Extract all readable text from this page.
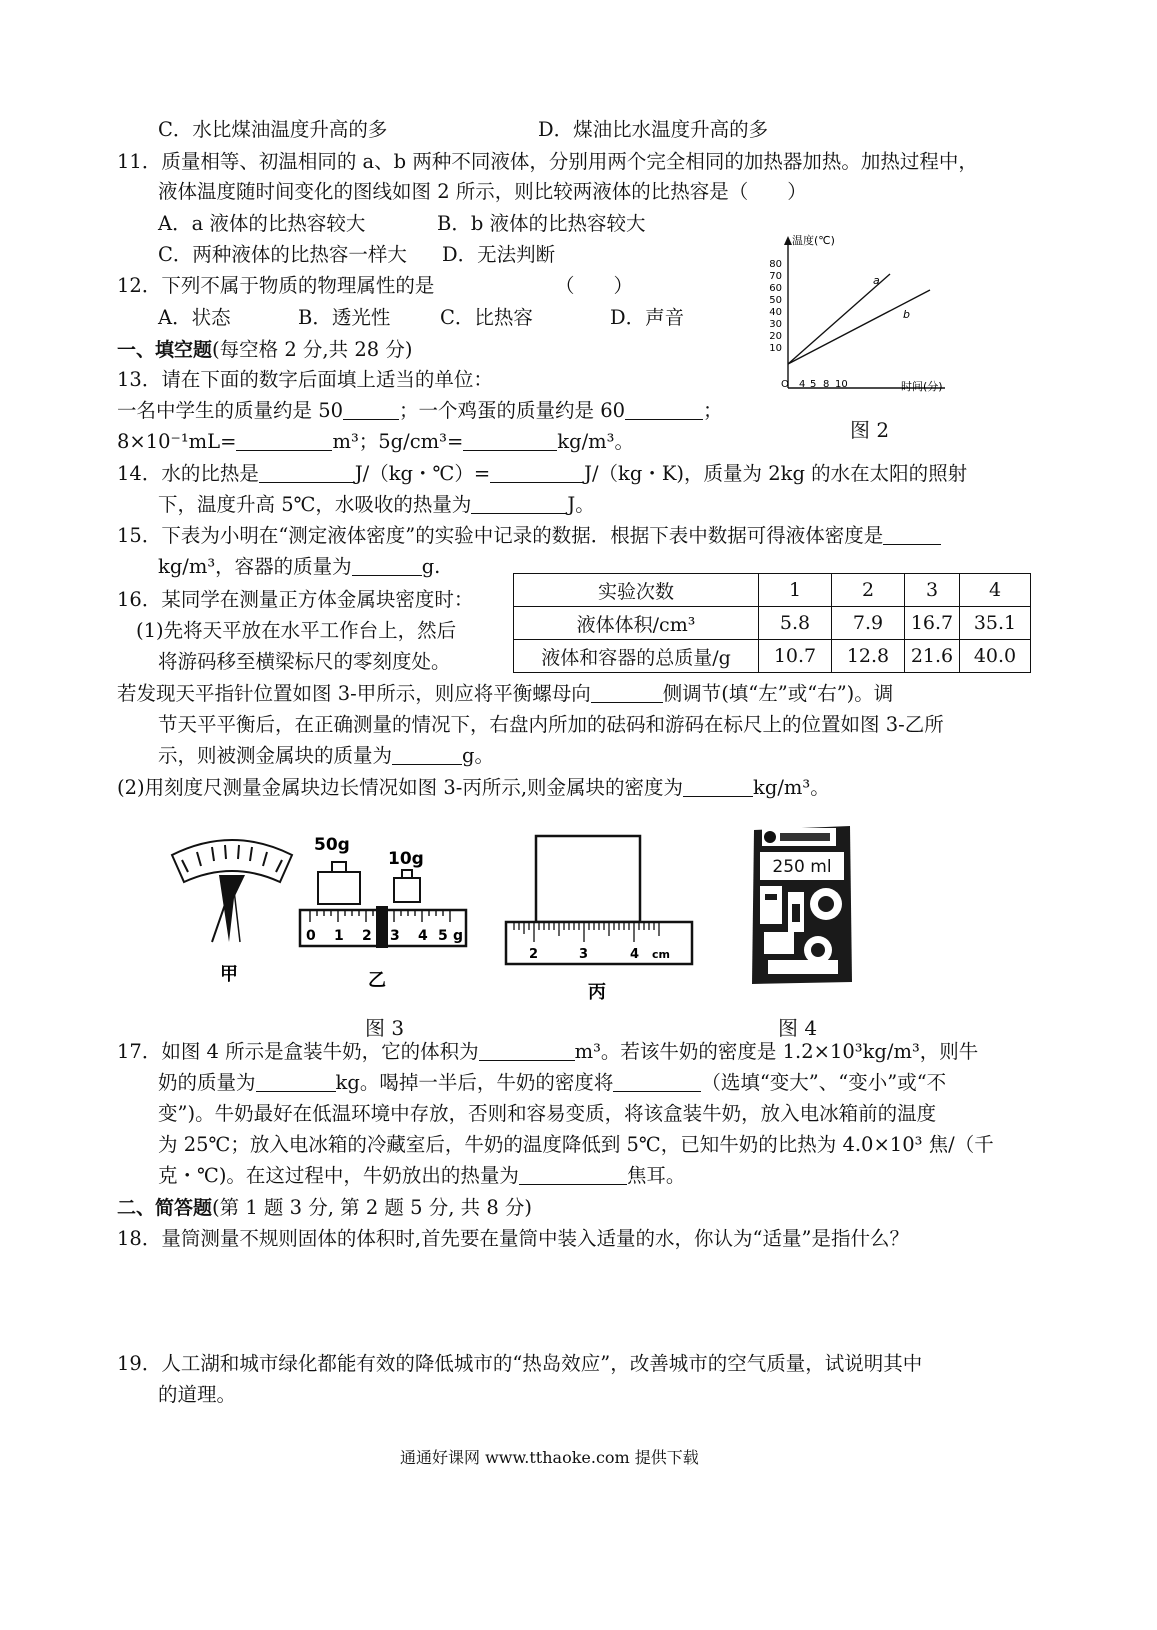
C．水比煤油温度升高的多	D．煤油比水温度升高的多
11．质量相等、初温相同的 a、b 两种不同液体，分别用两个完全相同的加热器加热。加热过程中，
液体温度随时间变化的图线如图 2 所示，则比较两液体的比热容是（　　）
A．a 液体的比热容较大	B．b 液体的比热容较大
C．两种液体的比热容一样大 D．无法判断
12．下列不属于物质的物理属性的是	（　　）
A．状态	B．透光性	C．比热容	D．声音
一、填空题(每空格 2 分,共 28 分)
13．请在下面的数字后面填上适当的单位：
一名中学生的质量约是 50	；一个鸡蛋的质量约是 60	；
8×10⁻¹mL=	m³；5g/cm³=	kg/m³。
14．水的比热是	J/（kg・℃）=	J/（kg・K)，质量为 2kg 的水在太阳的照射
下，温度升高 5℃，水吸收的热量为	J。
15．下表为小明在“测定液体密度”的实验中记录的数据．根据下表中数据可得液体密度是
kg/m³，容器的质量为	g.
实验次数	1	2	3	4
液体体积/cm³	5.8	7.9	16.7	35.1
液体和容器的总质量/g	10.7	12.8	21.6	40.0
16．某同学在测量正方体金属块密度时：
(1)先将天平放在水平工作台上，然后
将游码移至横梁标尺的零刻度处。
若发现天平指针位置如图 3-甲所示，则应将平衡螺母向	侧调节(填“左”或“右”)。调
节天平平衡后，在正确测量的情况下，右盘内所加的砝码和游码在标尺上的位置如图 3-乙所
示，则被测金属块的质量为	g。
(2)用刻度尺测量金属块边长情况如图 3-丙所示,则金属块的密度为	kg/m³。
温度(℃)
时间(分)
80
70
60
50
40
30
20
10
O 4 5 8 10
a
b
图 2
甲
50g
10g
0 1 2 3 4 5 g
乙
2	3	4 cm
丙
图 3
250 ml
图 4
17．如图 4 所示是盒装牛奶，它的体积为	m³。若该牛奶的密度是 1.2×10³kg/m³，则牛
奶的质量为	kg。喝掉一半后，牛奶的密度将	（选填“变大”、“变小”或“不
变”)。牛奶最好在低温环境中存放，否则和容易变质，将该盒装牛奶，放入电冰箱前的温度
为 25℃；放入电冰箱的冷藏室后，牛奶的温度降低到 5℃，已知牛奶的比热为 4.0×10³ 焦/（千
克・℃)。在这过程中，牛奶放出的热量为	焦耳。
二、简答题(第 1 题 3 分, 第 2 题 5 分, 共 8 分)
18．量筒测量不规则固体的体积时,首先要在量筒中装入适量的水，你认为“适量”是指什么？
19．人工湖和城市绿化都能有效的降低城市的“热岛效应”，改善城市的空气质量，试说明其中
的道理。
通通好课网 www.tthaoke.com 提供下载
